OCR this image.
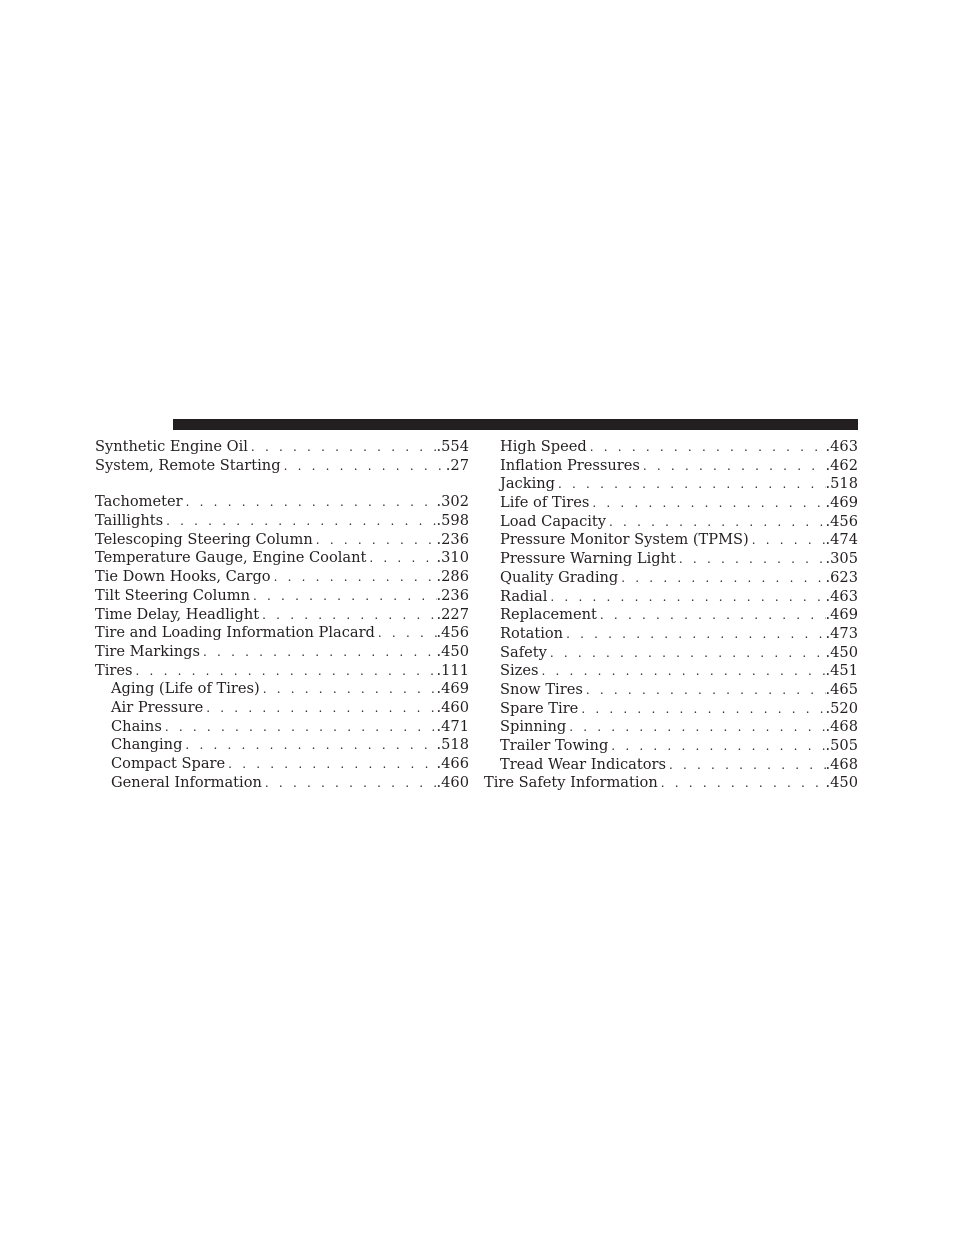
Synthetic Engine Oil . . .	.554
System, Remote Starting . . .	.27
Tachometer . . .	.302
Taillights . . .	.598
Telescoping Steering Column . . .	.236
Temperature Gauge, Engine Coolant . . .	.310
Tie Down Hooks, Cargo . . .	.286
Tilt Steering Column . . .	.236
Time Delay, Headlight . . .	.227
Tire and Loading Information Placard . . .	.456
Tire Markings . . .	.450
Tires . . .	.111
Aging (Life of Tires) . . .	.469
Air Pressure . . .	.460
Chains . . .	.471
Changing . . .	.518
Compact Spare . . .	.466
General Information . . .	.460
High Speed . . .	.463
Inflation Pressures . . .	.462
Jacking . . .	.518
Life of Tires . . .	.469
Load Capacity . . .	.456
Pressure Monitor System (TPMS) . . .	.474
Pressure Warning Light . . .	.305
Quality Grading . . .	.623
Radial . . .	.463
Replacement . . .	.469
Rotation . . .	.473
Safety . . .	.450
Sizes . . .	.451
Snow Tires . . .	.465
Spare Tire . . .	.520
Spinning . . .	.468
Trailer Towing . . .	.505
Tread Wear Indicators . . .	.468
Tire Safety Information . . .	.450
